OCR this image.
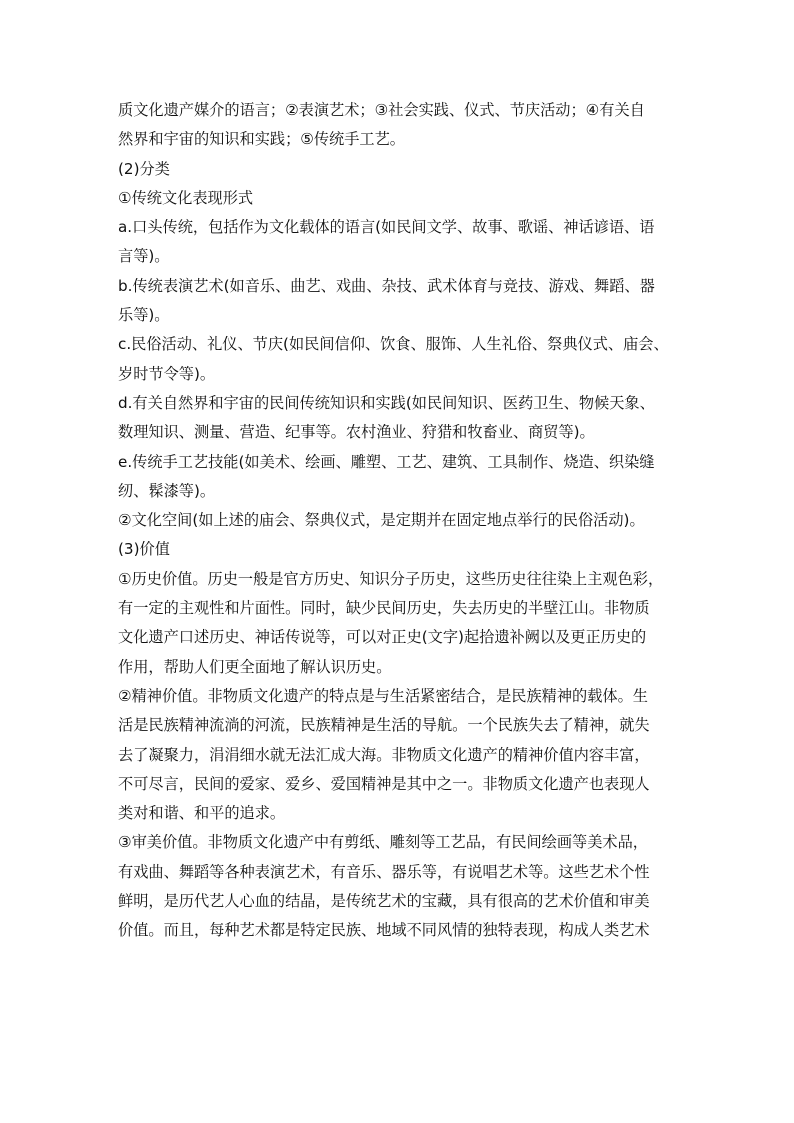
质文化遗产媒介的语言；②表演艺术；③社会实践、仪式、节庆活动；④有关自
然界和宇宙的知识和实践；⑤传统手工艺。
(2)分类
①传统文化表现形式
a.口头传统，包括作为文化载体的语言(如民间文学、故事、歌谣、神话谚语、语
言等)。
b.传统表演艺术(如音乐、曲艺、戏曲、杂技、武术体育与竞技、游戏、舞蹈、器
乐等)。
c.民俗活动、礼仪、节庆(如民间信仰、饮食、服饰、人生礼俗、祭典仪式、庙会、
岁时节令等)。
d.有关自然界和宇宙的民间传统知识和实践(如民间知识、医药卫生、物候天象、
数理知识、测量、营造、纪事等。农村渔业、狩猎和牧畜业、商贸等)。
e.传统手工艺技能(如美术、绘画、雕塑、工艺、建筑、工具制作、烧造、织染缝
纫、髹漆等)。
②文化空间(如上述的庙会、祭典仪式，是定期并在固定地点举行的民俗活动)。
(3)价值
①历史价值。历史一般是官方历史、知识分子历史，这些历史往往染上主观色彩，
有一定的主观性和片面性。同时，缺少民间历史，失去历史的半壁江山。非物质
文化遗产口述历史、神话传说等，可以对正史(文字)起拾遗补阙以及更正历史的
作用，帮助人们更全面地了解认识历史。
②精神价值。非物质文化遗产的特点是与生活紧密结合，是民族精神的载体。生
活是民族精神流淌的河流，民族精神是生活的导航。一个民族失去了精神，就失
去了凝聚力，涓涓细水就无法汇成大海。非物质文化遗产的精神价值内容丰富，
不可尽言，民间的爱家、爱乡、爱国精神是其中之一。非物质文化遗产也表现人
类对和谐、和平的追求。
③审美价值。非物质文化遗产中有剪纸、雕刻等工艺品，有民间绘画等美术品，
有戏曲、舞蹈等各种表演艺术，有音乐、器乐等，有说唱艺术等。这些艺术个性
鲜明，是历代艺人心血的结晶，是传统艺术的宝藏，具有很高的艺术价值和审美
价值。而且，每种艺术都是特定民族、地域不同风情的独特表现，构成人类艺术
